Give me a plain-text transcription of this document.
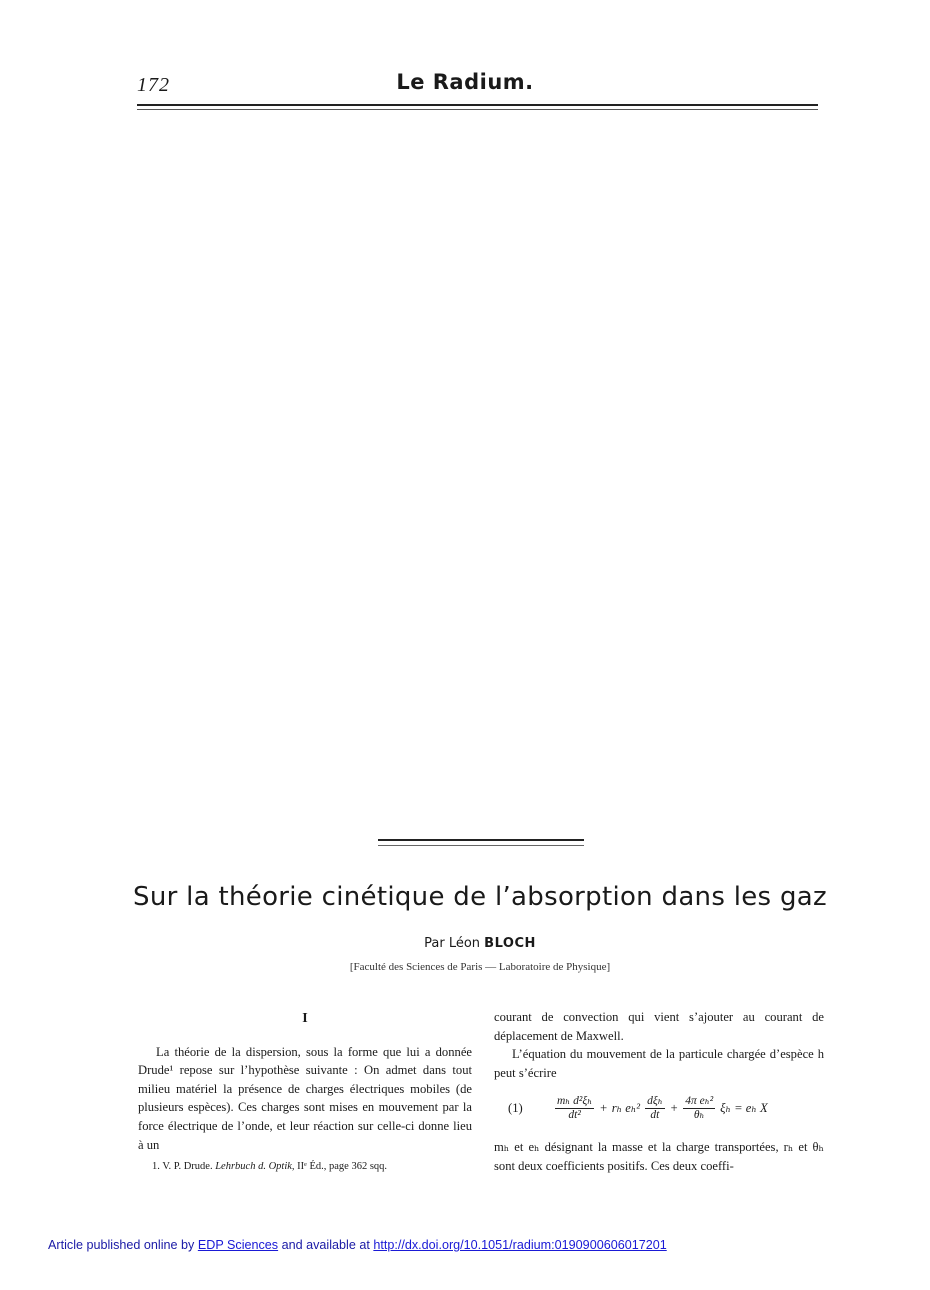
172	Le Radium.
Sur la théorie cinétique de l’absorption dans les gaz
Par Léon BLOCH
[Faculté des Sciences de Paris — Laboratoire de Physique]

I

La théorie de la dispersion, sous la forme que lui a donnée Drude¹ repose sur l’hypothèse suivante : On admet dans tout milieu matériel la présence de charges électriques mobiles (de plusieurs espèces). Ces charges sont mises en mouvement par la force électrique de l’onde, et leur réaction sur celle-ci donne lieu à un

1. V. P. Drude. Lehrbuch d. Optik, IIᵉ Éd., page 362 sqq.

courant de convection qui vient s’ajouter au courant de déplacement de Maxwell.

L’équation du mouvement de la particule chargée d’espèce h peut s’écrire

(1)	$\frac{\text{mₕ d²ξₕ}}{\text{dt²}} + r_h$ $e_h^2 \frac{\text{dξₕ}}{dt} + \frac{\text{4π eₕ²}}{\text{θₕ}}$ ξₕ = eₕ X

mₕ et eₕ désignant la masse et la charge transportées, rₕ et θₕ sont deux coefficients positifs. Ces deux coeffi-

Article published online by EDP Sciences and available at http://dx.doi.org/10.1051/radium:0190900606017201
